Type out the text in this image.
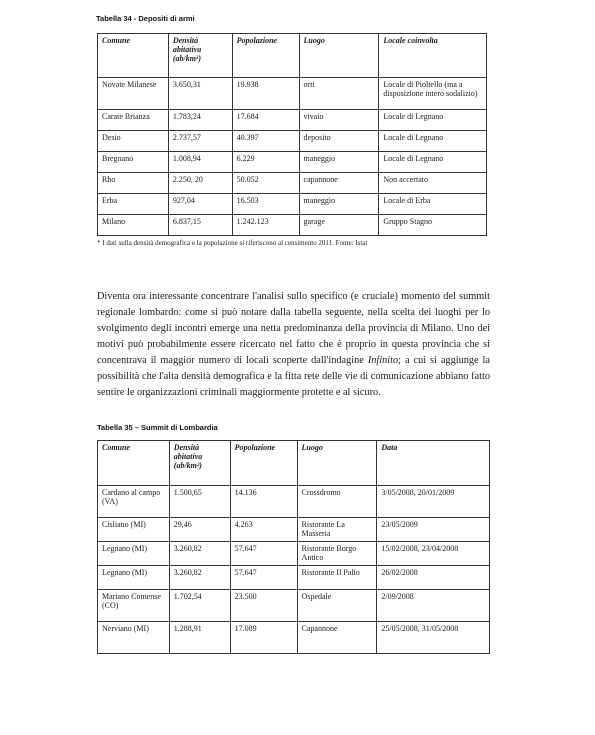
Tabella 34 - Depositi di armi
Comune	Densità abitativa (ab/km²)	Popolazione	Luogo	Locale coinvolta
Novate Milanese	3.650,31	19.938	orti	Locale di Pioltello (ma a disposizione intero sodalizio)
Carate Brianza	1.783,24	17.684	vivaio	Locale di Legnano
Desio	2.737,57	40.397	deposito	Locale di Legnano
Bregnano	1.008,94	6.229	maneggio	Locale di Legnano
Rho	2.250, 20	50.052	capannone	Non accertato
Erba	927,04	16.503	maneggio	Locale di Erba
Milano	6.837,15	1.242.123	garage	Gruppo Stagno
* I dati sulla densità demografica e la popolazione si riferiscono al censimento 2011. Fonte: Istat
Diventa ora interessante concentrare l'analisi sullo specifico (e cruciale) momento del summit regionale lombardo: come si può notare dalla tabella seguente, nella scelta dei luoghi per lo svolgimento degli incontri emerge una netta predominanza della provincia di Milano. Uno dei motivi può probabilmente essere ricercato nel fatto che è proprio in questa provincia che si concentrava il maggior numero di locali scoperte dall'indagine Infinito; a cui si aggiunge la possibilità che l'alta densità demografica e la fitta rete delle vie di comunicazione abbiano fatto sentire le organizzazioni criminali maggiormente protette e al sicuro.
Tabella 35 – Summit di Lombardia
Comune	Densità abitativa (ab/km²)	Popolazione	Luogo	Data
Cardano al campo (VA)	1.500,65	14.136	Crossdromo	3/05/2008, 20/01/2009
Cisliano (MI)	29,46	4.263	Ristorante La Masseria	23/05/2009
Legnano (MI)	3.260,82	57.647	Ristorante Borgo Antico	15/02/2008, 23/04/2008
Legnano (MI)	3.260,82	57.647	Ristorante Il Palio	26/02/2008
Mariano Comense (CO)	1.702,54	23.500	Ospedale	2/09/2008
Nerviano (MI)	1.288,91	17.089	Capannone	25/05/2008, 31/05/2008
